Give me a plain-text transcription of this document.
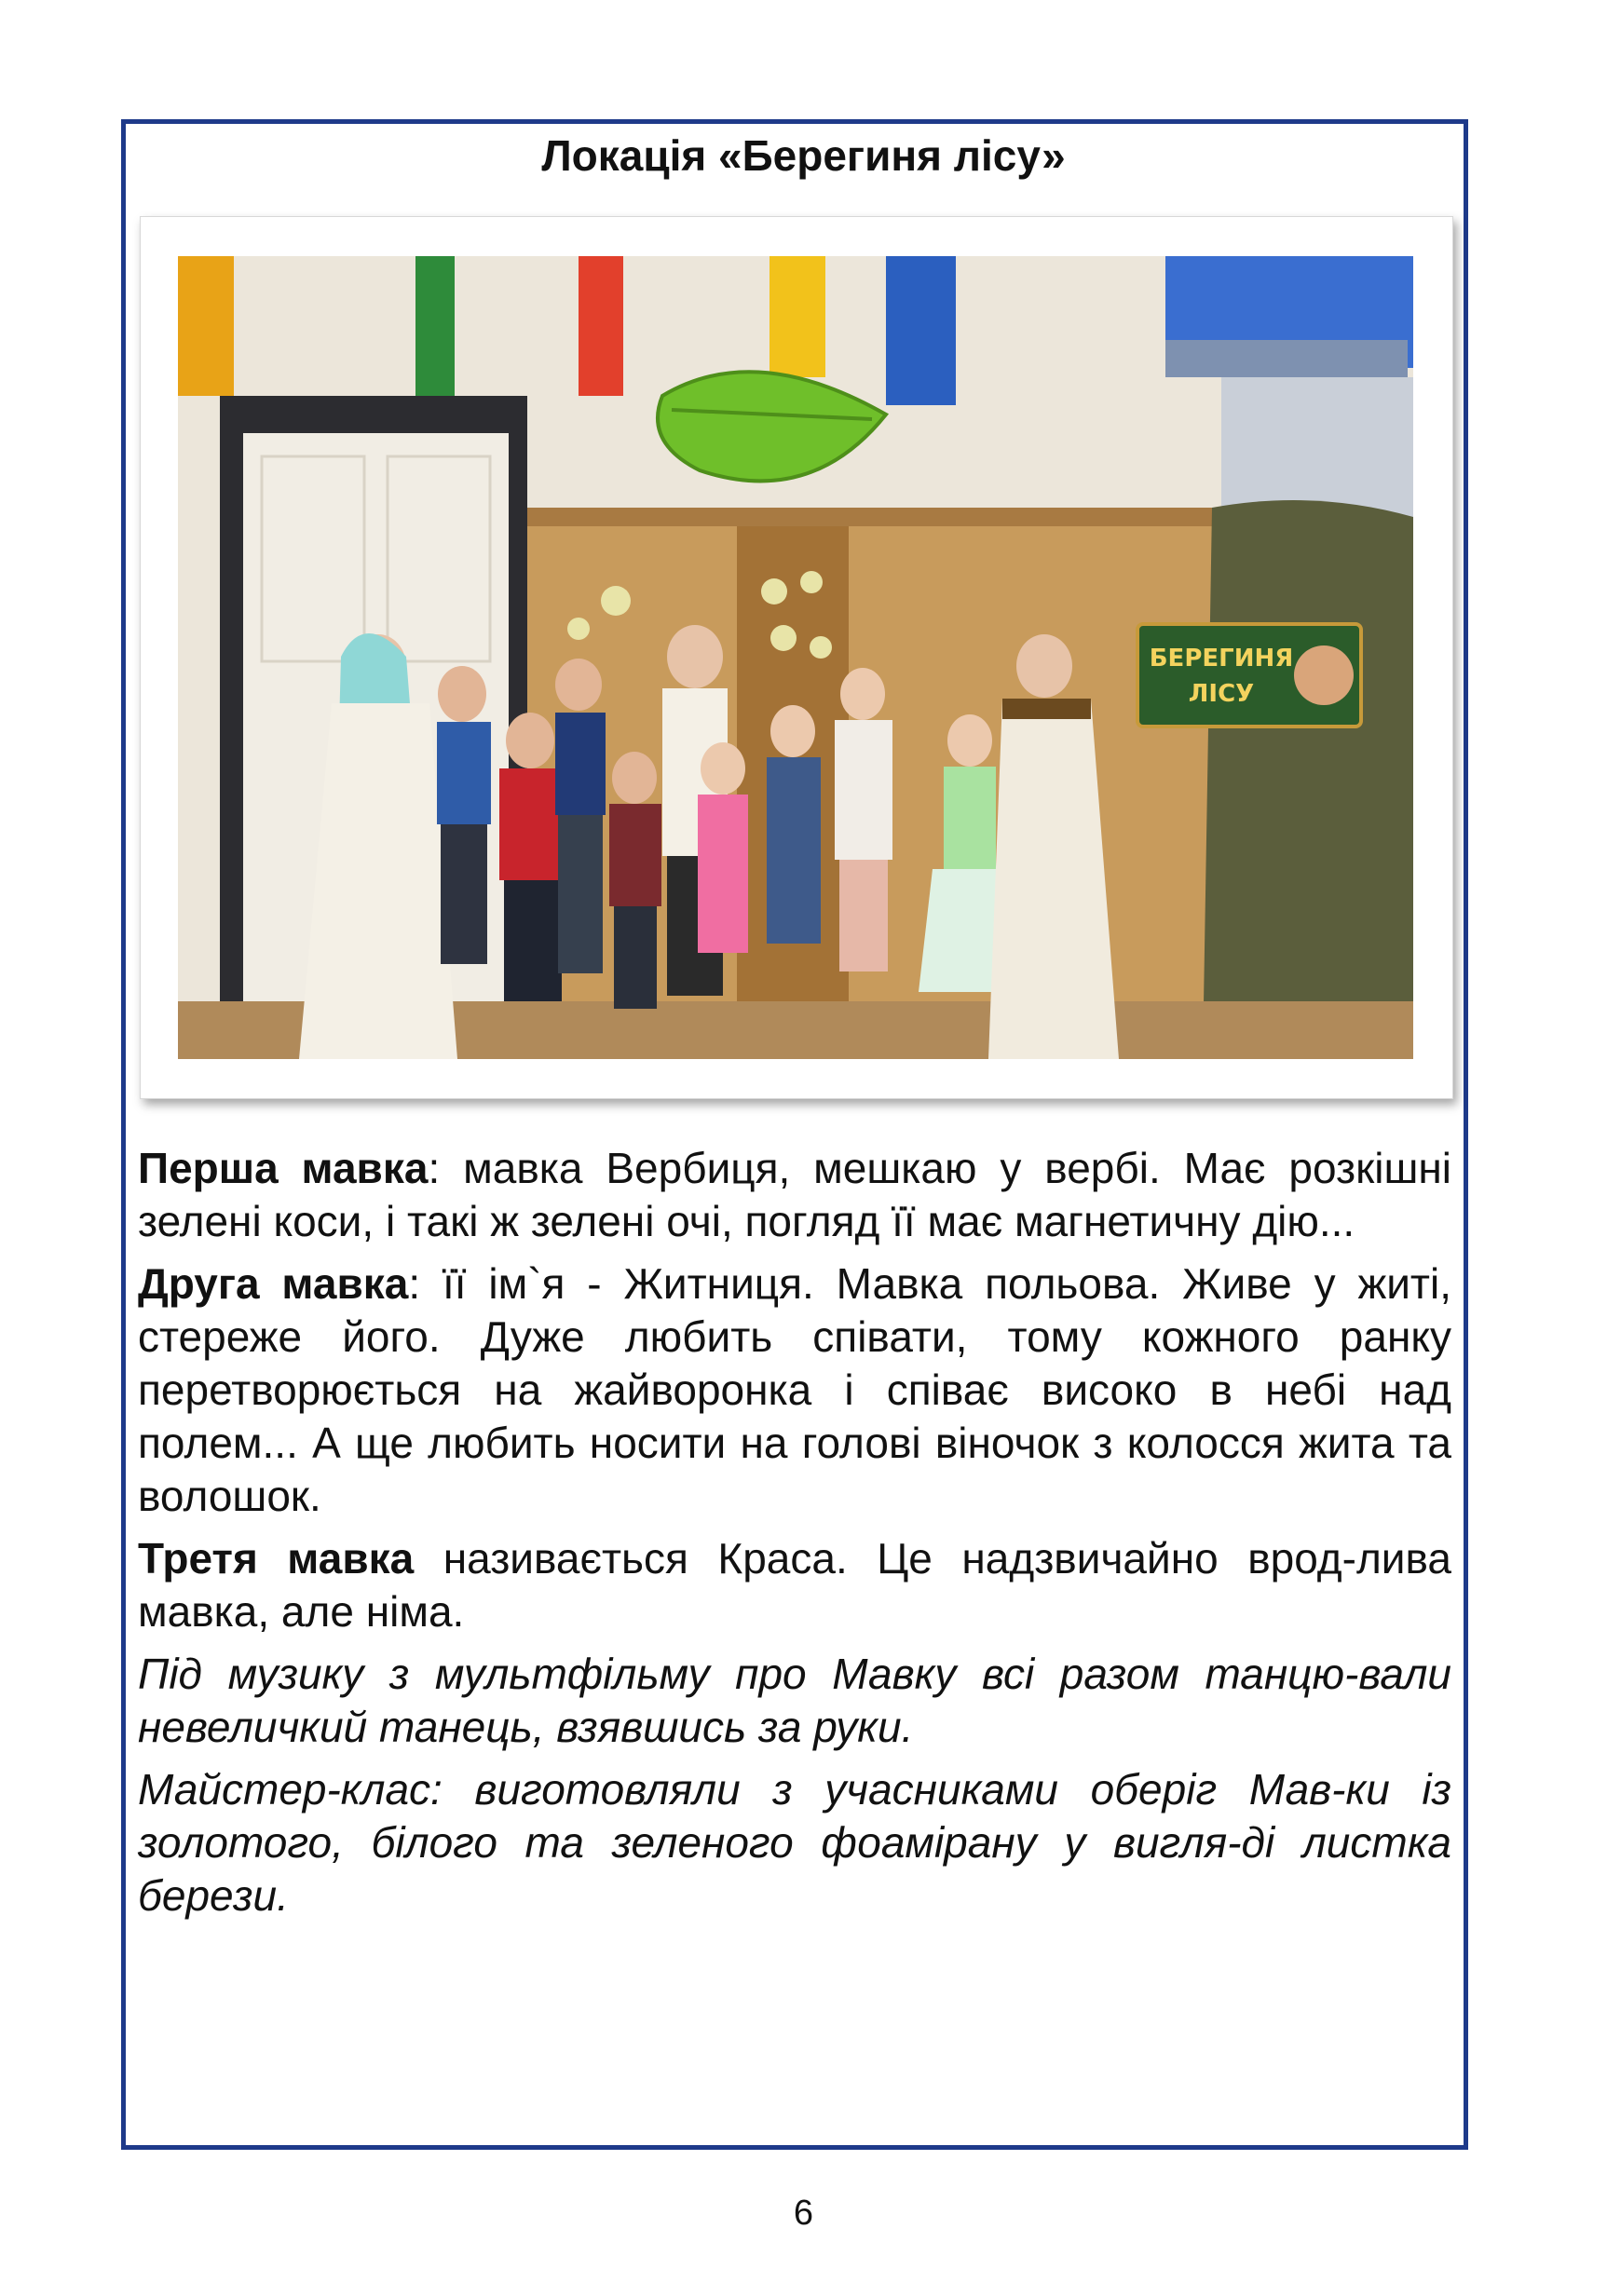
Локація «Берегиня лісу»
БЕРЕГИНЯ
ЛІСУ

Перша мавка: мавка Вербиця, мешкаю у вербі. Має розкішні зелені коси, і такі ж зелені очі, погляд її має магнетичну дію...

Друга мавка: її ім`я - Житниця. Мавка польова. Живе у житі, стереже його. Дуже любить співати, тому кожного ранку перетворюється на жайворонка і співає високо в небі над полем... А ще любить носити на голові віночок з колосся жита та волошок.

Третя мавка називається Краса. Це надзвичайно врод-лива мавка, але німа.

Під музику з мультфільму про Мавку всі разом танцю-вали невеличкий танець, взявшись за руки.

Майстер-клас: виготовляли з учасниками оберіг Мав-ки із золотого, білого та зеленого фоамірану у вигля-ді листка берези.

6
